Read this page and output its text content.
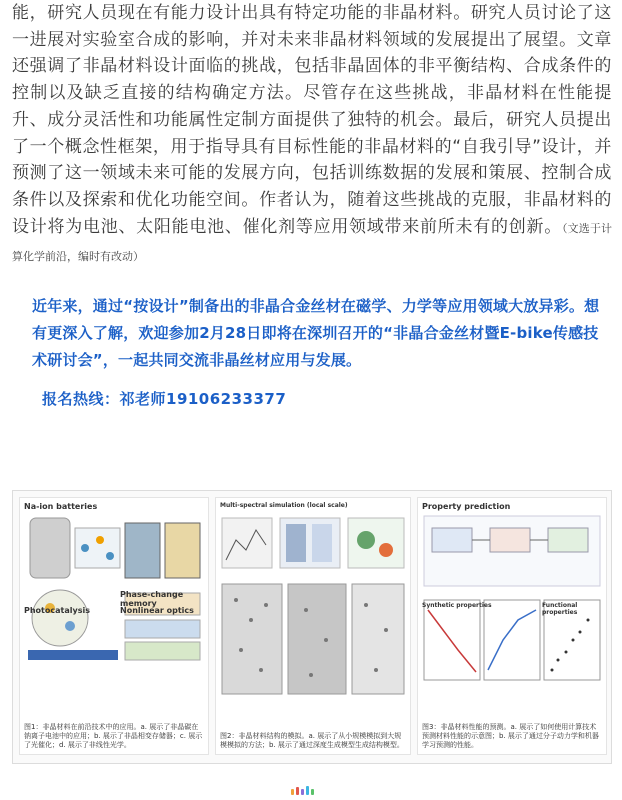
能，研究人员现在有能力设计出具有特定功能的非晶材料。研究人员讨论了这一进展对实验室合成的影响，并对未来非晶材料领域的发展提出了展望。文章还强调了非晶材料设计面临的挑战，包括非晶固体的非平衡结构、合成条件的控制以及缺乏直接的结构确定方法。尽管存在这些挑战，非晶材料在性能提升、成分灵活性和功能属性定制方面提供了独特的机会。最后，研究人员提出了一个概念性框架，用于指导具有目标性能的非晶材料的“自我引导”设计，并预测了这一领域未来可能的发展方向，包括训练数据的发展和策展、控制合成条件以及探索和优化功能空间。作者认为，随着这些挑战的克服，非晶材料的设计将为电池、太阳能电池、催化剂等应用领域带来前所未有的创新。（文选于计算化学前沿，编时有改动）

近年来，通过“按设计”制备出的非晶合金丝材在磁学、力学等应用领域大放异彩。想有更深入了解，欢迎参加2月28日即将在深圳召开的“非晶合金丝材暨E-bike传感技术研讨会”，一起共同交流非晶丝材应用与发展。

报名热线：祁老师19106233377

Na-ion batteries
Phase-change memory
Photocatalysis	Nonlinear optics
图1：非晶材料在前沿技术中的应用。a. 展示了非晶碳在钠离子电池中的应用；b. 展示了非晶相变存储器；c. 展示了光催化；d. 展示了非线性光学。
Multi-spectral simulation (local scale)
图2：非晶材料结构的模拟。a. 展示了从小规模模拟到大规模模拟的方法；b. 展示了通过深度生成模型生成结构模型。
Property prediction
Synthetic properties	Functional properties
图3：非晶材料性能的预测。a. 展示了如何使用计算技术预测材料性能的示意图；b. 展示了通过分子动力学和机器学习预测的性能。
